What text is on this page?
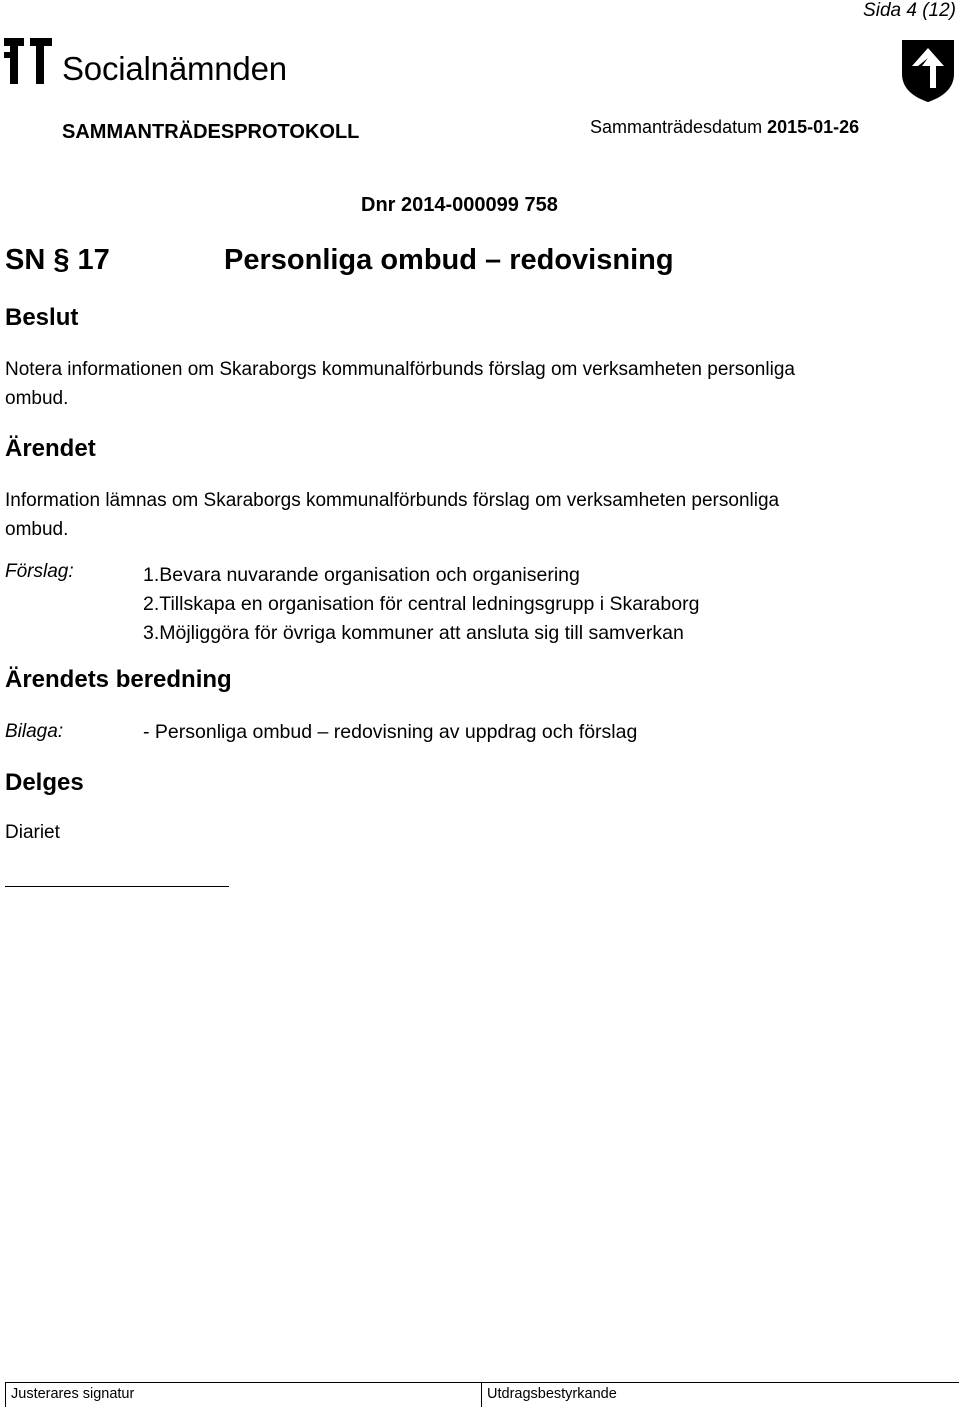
Sida 4 (12)
Socialnämnden
SAMMANTRÄDESPROTOKOLL	Sammanträdesdatum 2015-01-26
Dnr 2014-000099 758
SN § 17	Personliga ombud – redovisning
Beslut
Notera informationen om Skaraborgs kommunalförbunds förslag om verksamheten personliga ombud.
Ärendet
Information lämnas om Skaraborgs kommunalförbunds förslag om verksamheten personliga ombud.
Förslag:	1.Bevara nuvarande organisation och organisering
2.Tillskapa en organisation för central ledningsgrupp i Skaraborg
3.Möjliggöra för övriga kommuner att ansluta sig till samverkan
Ärendets beredning
Bilaga:	- Personliga ombud – redovisning av uppdrag och förslag
Delges
Diariet
Justerares signatur	Utdragsbestyrkande
